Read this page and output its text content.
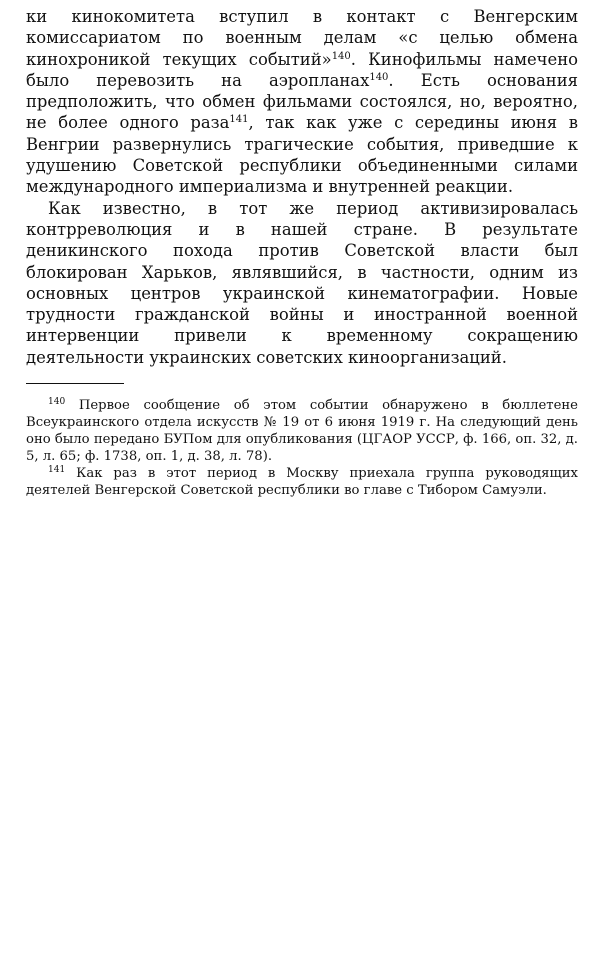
ки кинокомитета вступил в контакт с Венгерским комиссариатом по военным делам «с целью обмена кинохроникой текущих событий»$^{140}$. Кинофильмы намечено было перевозить на аэропланах$^{140}$. Есть основания предположить, что обмен фильмами состоялся, но, вероятно, не более одного раза$^{141}$, так как уже с середины июня в Венгрии развернулись трагические события, приведшие к удушению Советской республики объединенными силами международного империализма и внутренней реакции.

Как известно, в тот же период активизировалась контрреволюция и в нашей стране. В результате деникинского похода против Советской власти был блокирован Харьков, являвшийся, в частности, одним из основных центров украинской кинематографии. Новые трудности гражданской войны и иностранной военной интервенции привели к временному сокращению деятельности украинских советских киноорганизаций.

$^{140}$ Первое сообщение об этом событии обнаружено в бюллетене Всеукраинского отдела искусств № 19 от 6 июня 1919 г. На следующий день оно было передано БУПом для опубликования (ЦГАОР УССР, ф. 166, оп. 32, д. 5, л. 65; ф. 1738, оп. 1, д. 38, л. 78).

$^{141}$ Как раз в этот период в Москву приехала группа руководящих деятелей Венгерской Советской республики во главе с Тибором Самуэли.
